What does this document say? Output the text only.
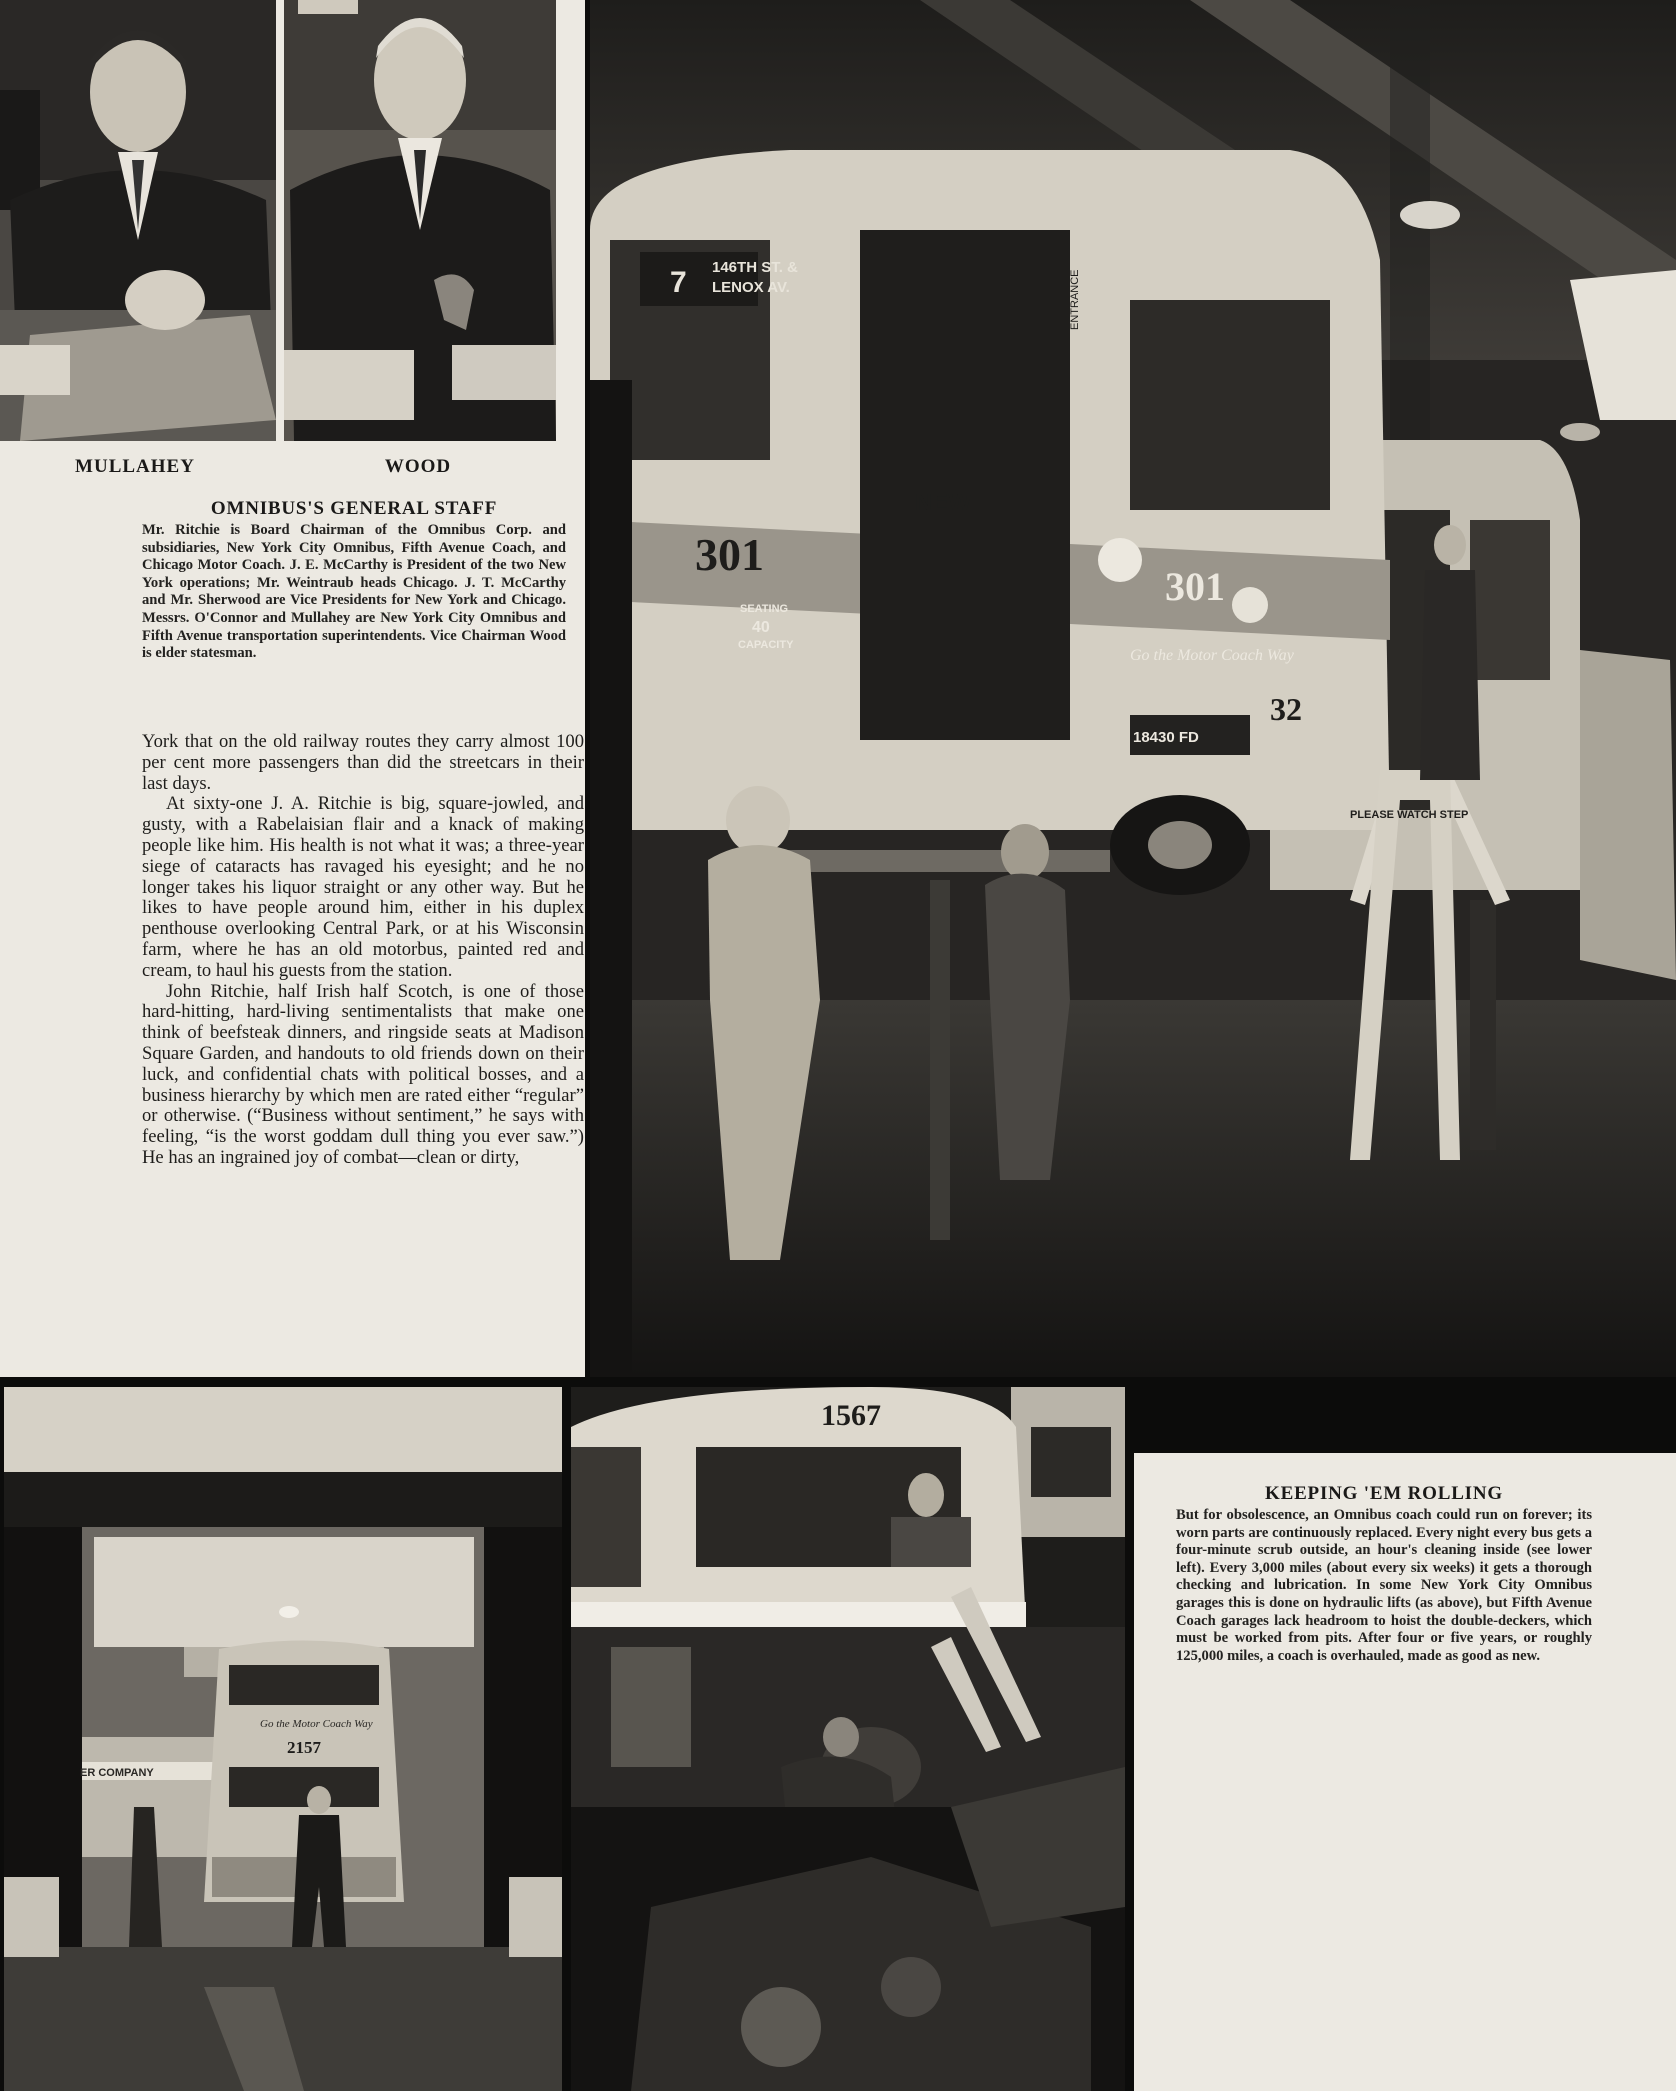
MULLAHEY	WOOD

OMNIBUS'S GENERAL STAFF

Mr. Ritchie is Board Chairman of the Omnibus Corp. and subsidiaries, New York City Omnibus, Fifth Avenue Coach, and Chicago Motor Coach. J. E. McCarthy is President of the two New York operations; Mr. Weintraub heads Chicago. J. T. McCarthy and Mr. Sherwood are Vice Presidents for New York and Chicago. Messrs. O'Connor and Mullahey are New York City Omnibus and Fifth Avenue transportation superintendents. Vice Chairman Wood is elder statesman.

York that on the old railway routes they carry almost 100 per cent more passengers than did the streetcars in their last days.

At sixty-one J. A. Ritchie is big, square-jowled, and gusty, with a Rabelaisian flair and a knack of making people like him. His health is not what it was; a three-year siege of cataracts has ravaged his eyesight; and he no longer takes his liquor straight or any other way. But he likes to have people around him, either in his duplex penthouse overlooking Central Park, or at his Wisconsin farm, where he has an old motorbus, painted red and cream, to haul his guests from the station.

John Ritchie, half Irish half Scotch, is one of those hard-hitting, hard-living sentimentalists that make one think of beefsteak dinners, and ringside seats at Madison Square Garden, and handouts to old friends down on their luck, and confidential chats with political bosses, and a business hierarchy by which men are rated either “regular” or otherwise. (“Business without sentiment,” he says with feeling, “is the worst goddam dull thing you ever saw.”) He has an ingrained joy of combat—clean or dirty,

7 146TH ST. &
LENOX AV.
NEW
301
301
SEATING
40
CAPACITY
Go the Motor Coach Way
18430 FD
ENTRANCE
32
PLEASE WATCH STEP
2157
Go the Motor Coach Way
ER COMPANY
1567

KEEPING 'EM ROLLING

But for obsolescence, an Omnibus coach could run on forever; its worn parts are continuously replaced. Every night every bus gets a four-minute scrub outside, an hour's cleaning inside (see lower left). Every 3,000 miles (about every six weeks) it gets a thorough checking and lubrication. In some New York City Omnibus garages this is done on hydraulic lifts (as above), but Fifth Avenue Coach garages lack headroom to hoist the double-deckers, which must be worked from pits. After four or five years, or roughly 125,000 miles, a coach is overhauled, made as good as new.
